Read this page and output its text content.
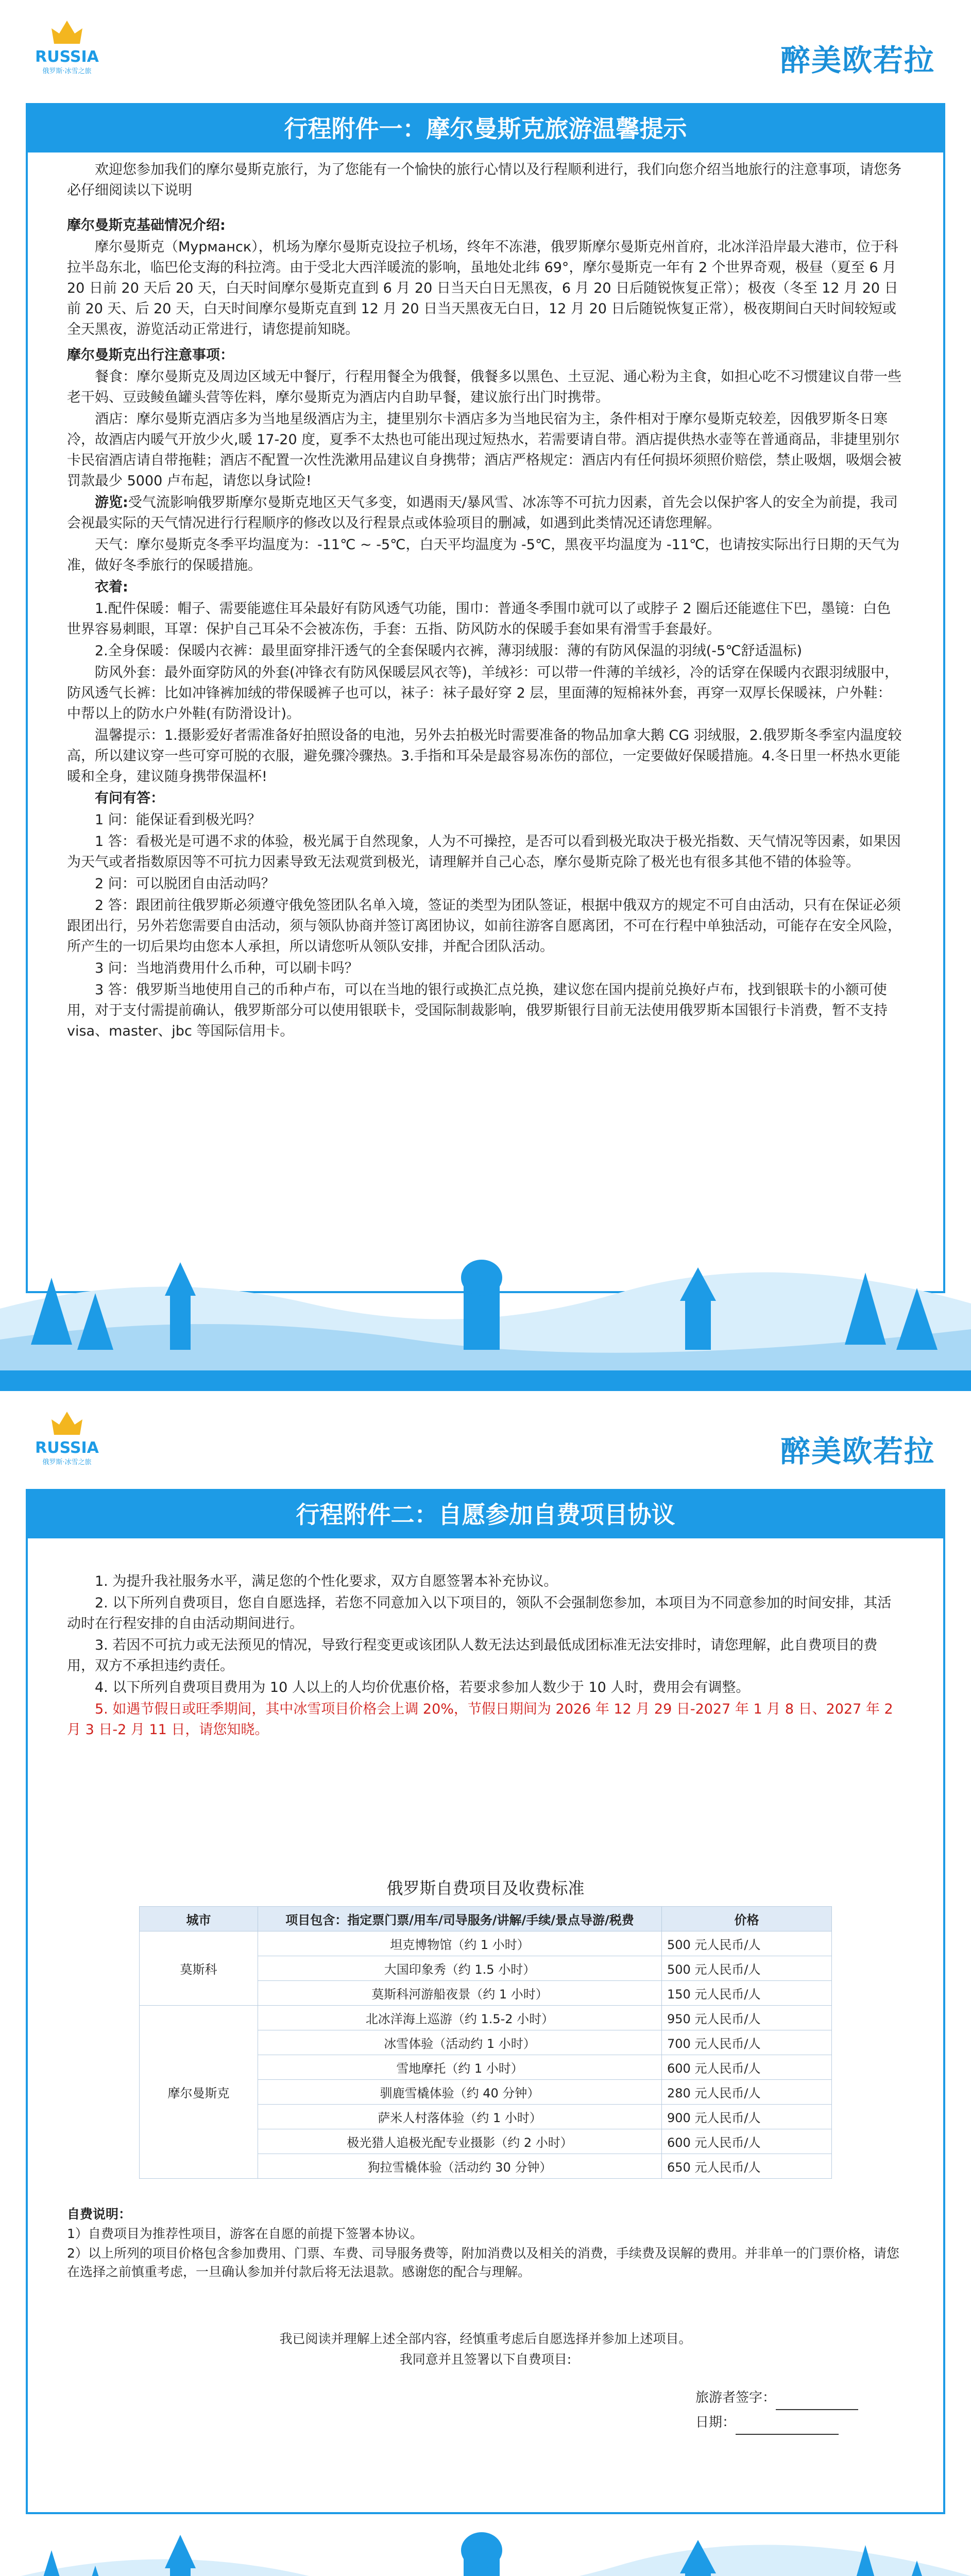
RUSSIA
俄罗斯·冰雪之旅	醉美欧若拉
行程附件一：摩尔曼斯克旅游温馨提示

欢迎您参加我们的摩尔曼斯克旅行，为了您能有一个愉快的旅行心情以及行程顺利进行，我们向您介绍当地旅行的注意事项，请您务必仔细阅读以下说明

摩尔曼斯克基础情况介绍:

摩尔曼斯克（Мурманск），机场为摩尔曼斯克设拉子机场，终年不冻港，俄罗斯摩尔曼斯克州首府，北冰洋沿岸最大港市，位于科拉半岛东北，临巴伦支海的科拉湾。由于受北大西洋暖流的影响，虽地处北纬 69°，摩尔曼斯克一年有 2 个世界奇观，极昼（夏至 6 月 20 日前 20 天后 20 天，白天时间摩尔曼斯克直到 6 月 20 日当天白日无黑夜，6 月 20 日后随锐恢复正常）；极夜（冬至 12 月 20 日前 20 天、后 20 天，白天时间摩尔曼斯克直到 12 月 20 日当天黑夜无白日，12 月 20 日后随锐恢复正常），极夜期间白天时间较短或全天黑夜，游览活动正常进行，请您提前知晓。

摩尔曼斯克出行注意事项：

餐食：摩尔曼斯克及周边区域无中餐厅，行程用餐全为俄餐，俄餐多以黑色、土豆泥、通心粉为主食，如担心吃不习惯建议自带一些老干妈、豆豉鲮鱼罐头营等佐料，摩尔曼斯克为酒店内自助早餐，建议旅行出门时携带。

酒店：摩尔曼斯克酒店多为当地星级酒店为主，捷里别尔卡酒店多为当地民宿为主，条件相对于摩尔曼斯克较差，因俄罗斯冬日寒冷，故酒店内暖气开放少火,暖 17-20 度，夏季不太热也可能出现过短热水，若需要请自带。酒店提供热水壶等在普通商品，非捷里别尔卡民宿酒店请自带拖鞋；酒店不配置一次性洗漱用品建议自身携带；酒店严格规定：酒店内有任何损坏须照价赔偿，禁止吸烟，吸烟会被罚款最少 5000 卢布起，请您以身试险!

游览:受气流影响俄罗斯摩尔曼斯克地区天气多变，如遇雨天/暴风雪、冰冻等不可抗力因素，首先会以保护客人的安全为前提，我司会视最实际的天气情况进行行程顺序的修改以及行程景点或体验项目的删减，如遇到此类情况还请您理解。

天气：摩尔曼斯克冬季平均温度为：-11℃ ~ -5℃，白天平均温度为 -5℃，黑夜平均温度为 -11℃，也请按实际出行日期的天气为准，做好冬季旅行的保暖措施。

衣着:

1.配件保暖：帽子、需要能遮住耳朵最好有防风透气功能，围巾：普通冬季围巾就可以了或脖子 2 圈后还能遮住下巴，墨镜：白色世界容易刺眼，耳罩：保护自己耳朵不会被冻伤，手套：五指、防风防水的保暖手套如果有滑雪手套最好。

2.全身保暖：保暖内衣裤：最里面穿排汗透气的全套保暖内衣裤，薄羽绒服：薄的有防风保温的羽绒(-5℃舒适温标)

防风外套：最外面穿防风的外套(冲锋衣有防风保暖层风衣等)，羊绒衫：可以带一件薄的羊绒衫，冷的话穿在保暖内衣跟羽绒服中，防风透气长裤：比如冲锋裤加绒的带保暖裤子也可以，袜子：袜子最好穿 2 层，里面薄的短棉袜外套，再穿一双厚长保暖袜，户外鞋：中帮以上的防水户外鞋(有防滑设计)。

温馨提示：1.摄影爱好者需准备好拍照设备的电池，另外去拍极光时需要准备的物品加拿大鹅 CG 羽绒服，2.俄罗斯冬季室内温度较高，所以建议穿一些可穿可脱的衣服，避免骤冷骤热。3.手指和耳朵是最容易冻伤的部位，一定要做好保暖措施。4.冬日里一杯热水更能暖和全身，建议随身携带保温杯!

有问有答：

1 问：能保证看到极光吗？

1 答：看极光是可遇不求的体验，极光属于自然现象，人为不可操控，是否可以看到极光取决于极光指数、天气情况等因素，如果因为天气或者指数原因等不可抗力因素导致无法观赏到极光，请理解并自己心态，摩尔曼斯克除了极光也有很多其他不错的体验等。

2 问：可以脱团自由活动吗？

2 答：跟团前往俄罗斯必须遵守俄免签团队名单入境，签证的类型为团队签证，根据中俄双方的规定不可自由活动，只有在保证必须跟团出行，另外若您需要自由活动，须与领队协商并签订离团协议，如前往游客自愿离团，不可在行程中单独活动，可能存在安全风险，所产生的一切后果均由您本人承担，所以请您听从领队安排，并配合团队活动。

3 问：当地消费用什么币种，可以刷卡吗？

3 答：俄罗斯当地使用自己的币种卢布，可以在当地的银行或换汇点兑换，建议您在国内提前兑换好卢布，找到银联卡的小额可使用，对于支付需提前确认，俄罗斯部分可以使用银联卡，受国际制裁影响，俄罗斯银行目前无法使用俄罗斯本国银行卡消费，暂不支持 visa、master、jbc 等国际信用卡。

RUSSIA
俄罗斯·冰雪之旅	醉美欧若拉
行程附件二：自愿参加自费项目协议

1. 为提升我社服务水平，满足您的个性化要求，双方自愿签署本补充协议。

2. 以下所列自费项目，您自自愿选择，若您不同意加入以下项目的，领队不会强制您参加，本项目为不同意参加的时间安排，其活动时在行程安排的自由活动期间进行。

3. 若因不可抗力或无法预见的情况，导致行程变更或该团队人数无法达到最低成团标准无法安排时，请您理解，此自费项目的费用，双方不承担违约责任。

4. 以下所列自费项目费用为 10 人以上的人均价优惠价格，若要求参加人数少于 10 人时，费用会有调整。

5. 如遇节假日或旺季期间，其中冰雪项目价格会上调 20%，节假日期间为 2026 年 12 月 29 日-2027 年 1 月 8 日、2027 年 2 月 3 日-2 月 11 日，请您知晓。

俄罗斯自费项目及收费标准
城市	项目包含：指定票门票/用车/司导服务/讲解/手续/景点导游/税费	价格
莫斯科	坦克博物馆（约 1 小时）	500 元人民币/人
	大国印象秀（约 1.5 小时）	500 元人民币/人
	莫斯科河游船夜景（约 1 小时）	150 元人民币/人
摩尔曼斯克	北冰洋海上巡游（约 1.5-2 小时）	950 元人民币/人
	冰雪体验（活动约 1 小时）	700 元人民币/人
	雪地摩托（约 1 小时）	600 元人民币/人
	驯鹿雪橇体验（约 40 分钟）	280 元人民币/人
	萨米人村落体验（约 1 小时）	900 元人民币/人
	极光猎人追极光配专业摄影（约 2 小时）	600 元人民币/人
	狗拉雪橇体验（活动约 30 分钟）	650 元人民币/人

自费说明：

1）自费项目为推荐性项目，游客在自愿的前提下签署本协议。

2）以上所列的项目价格包含参加费用、门票、车费、司导服务费等，附加消费以及相关的消费，手续费及误解的费用。并非单一的门票价格，请您在选择之前慎重考虑，一旦确认参加并付款后将无法退款。感谢您的配合与理解。

我已阅读并理解上述全部内容，经慎重考虑后自愿选择并参加上述项目。

我同意并且签署以下自费项目:

旅游者签字：

日期：
